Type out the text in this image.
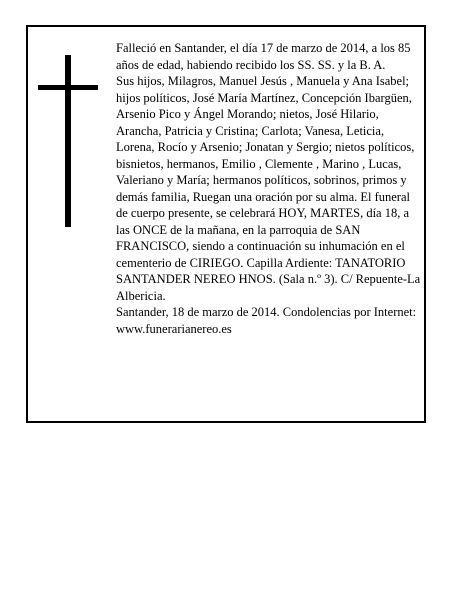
Falleció en Santander, el día 17 de marzo de 2014, a los 85 años de edad, habiendo recibido los SS. SS. y la B. A.

Sus hijos, Milagros, Manuel Jesús , Manuela y Ana Isabel; hijos políticos, José María Martínez, Concepción Ibargüen, Arsenio Pico y Ángel Morando; nietos, José Hilario, Arancha, Patricia y Cristina; Carlota; Vanesa, Leticia, Lorena, Rocío y Arsenio; Jonatan y Sergio; nietos políticos, bisnietos, hermanos, Emilio , Clemente , Marino , Lucas, Valeriano y María; hermanos políticos, sobrinos, primos y demás familia, Ruegan una oración por su alma. El funeral de cuerpo presente, se celebrará HOY, MARTES, día 18, a las ONCE de la mañana, en la parroquia de SAN FRANCISCO, siendo a continuación su inhumación en el cementerio de CIRIEGO. Capilla Ardiente: TANATORIO SANTANDER NEREO HNOS. (Sala n.º 3). C/ Repuente-La Albericia.

Santander, 18 de marzo de 2014. Condolencias por Internet: www.funerarianereo.es
